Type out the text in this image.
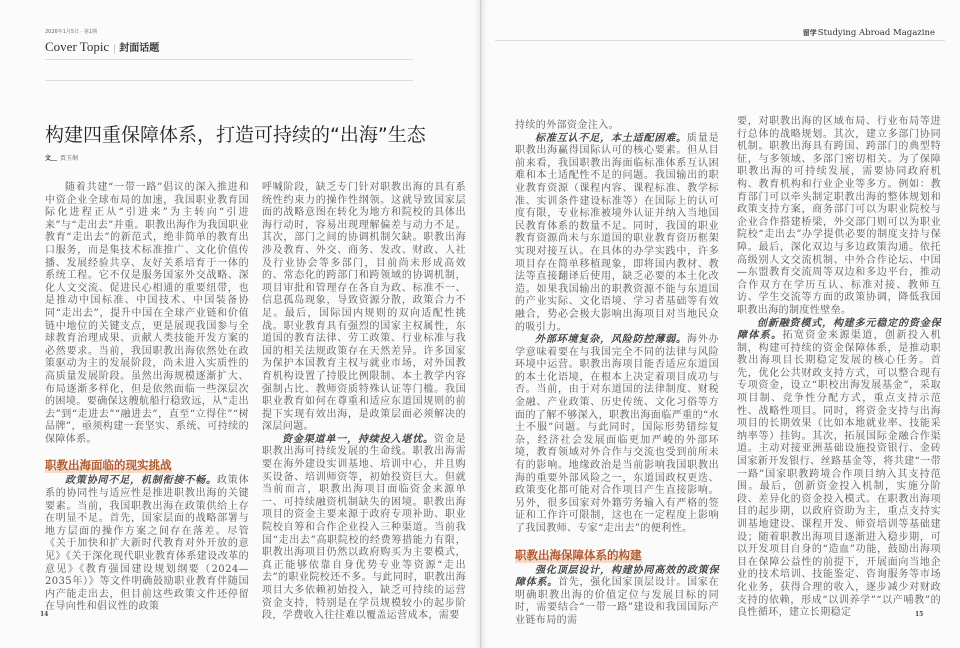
2026年1月5日 · 第1期
Cover Topic | 封面话题
构建四重保障体系，打造可持续的“出海”生态
文＿ 贾玉炯

随着共建“一带一路”倡议的深入推进和中资企业全球布局的加速，我国职业教育国际化进程正从“引进来”为主转向“引进来”与“走出去”并重。职教出海作为我国职业教育“走出去”的新范式，绝非简单的教育出口服务，而是集技术标准推广、文化价值传播、发展经验共享、友好关系培育于一体的系统工程。它不仅是服务国家外交战略、深化人文交流、促进民心相通的重要纽带，也是推动中国标准、中国技术、中国装备协同“走出去”，提升中国在全球产业链和价值链中地位的关键支点，更是展现我国参与全球教育治理成果、贡献人类技能开发方案的必然要求。当前，我国职教出海依然处在政策驱动为主的发展阶段，尚未进入实质性的高质量发展阶段。虽然出海规模逐渐扩大、布局逐渐多样化，但是依然面临一些深层次的困境。要确保这艘航船行稳致远，从“走出去”到“走进去”“融进去”，直至“立得住”“树品牌”，亟须构建一套坚实、系统、可持续的保障体系。

职教出海面临的现实挑战

政策协同不足，机制衔接不畅。政策体系的协同性与适应性是推进职教出海的关键要素。当前，我国职教出海在政策供给上存在明显不足。首先，国家层面的战略部署与地方层面的操作方案之间存在落差。尽管《关于加快和扩大新时代教育对外开放的意见》《关于深化现代职业教育体系建设改革的意见》《教育强国建设规划纲要（2024—2035年）》等文件明确鼓励职业教育伴随国内产能走出去，但目前这些政策文件还停留在导向性和倡议性的政策

呼喊阶段，缺乏专门针对职教出海的具有系统性约束力的操作性纲领。这就导致国家层面的战略意图在转化为地方和院校的具体出海行动时，容易出现理解偏差与动力不足。其次，部门之间的协调机制欠缺。职教出海涉及教育、外交、商务、发改、财政、人社及行业协会等多部门，目前尚未形成高效的、常态化的跨部门和跨领域的协调机制，项目审批和管理存在各自为政、标准不一、信息孤岛现象，导致资源分散，政策合力不足。最后，国际国内规则的双向适配性挑战。职业教育具有强烈的国家主权属性，东道国的教育法律、劳工政策、行业标准与我国的相关法规政策存在天然差异。许多国家为保护本国教育主权与就业市场，对外国教育机构设置了持股比例限制、本土教学内容强制占比、教师资质特殊认证等门槛。我国职业教育如何在尊重和适应东道国规则的前提下实现有效出海，是政策层面必须解决的深层问题。

资金渠道单一，持续投入堪忧。资金是职教出海可持续发展的生命线。职教出海需要在海外建设实训基地、培训中心，并且购买设备、培训师资等，初始投资巨大。但就当前而言，职教出海项目面临资金来源单一、可持续融资机制缺失的困境。职教出海项目的资金主要来源于政府专项补助、职业院校自筹和合作企业投入三种渠道。当前我国“走出去”高职院校的经费筹措能力有限，职教出海项目仍然以政府购买为主要模式，真正能够依靠自身优势专业等资源“走出去”的职业院校还不多。与此同时，职教出海项目大多依赖初始投入，缺乏可持续的运营资金支持，特别是在学员规模较小的起步阶段，学费收入往往难以覆盖运营成本，需要

14
留学Studying Abroad Magazine

持续的外部资金注入。

标准互认不足，本土适配困难。质量是职教出海赢得国际认可的核心要素。但从目前来看，我国职教出海面临标准体系互认困难和本土适配性不足的问题。我国输出的职业教育资源（课程内容、课程标准、教学标准、实训条件建设标准等）在国际上的认可度有限，专业标准被境外认证并纳入当地国民教育体系的数量不足。同时，我国的职业教育资源尚未与东道国的职业教育资历框架实现对接互认。在具体的办学实践中，许多项目存在简单移植现象，即将国内教材、教法等直接翻译后使用，缺乏必要的本土化改造。如果我国输出的职教资源不能与东道国的产业实际、文化语境、学习者基础等有效融合，势必会极大影响出海项目对当地民众的吸引力。

外部环境复杂，风险防控薄弱。海外办学意味着要在与我国完全不同的法律与风险环境中运营。职教出海项目能否适应东道国的本土化语境，在根本上决定着项目成功与否。当前，由于对东道国的法律制度、财税金融、产业政策、历史传统、文化习俗等方面的了解不够深入，职教出海面临严重的“水土不服”问题。与此同时，国际形势错综复杂，经济社会发展面临更加严峻的外部环境，教育领域对外合作与交流也受到前所未有的影响。地缘政治是当前影响我国职教出海的重要外部风险之一，东道国政权更迭、政策变化都可能对合作项目产生直接影响。另外，很多国家对外籍劳务输入有严格的签证和工作许可限制，这也在一定程度上影响了我国教师、专家“走出去”的便利性。

职教出海保障体系的构建

强化顶层设计，构建协同高效的政策保障体系。首先，强化国家顶层设计。国家在明确职教出海的价值定位与发展目标的同时，需要结合“一带一路”建设和我国国际产业链布局的需

要，对职教出海的区域布局、行业布局等进行总体的战略规划。其次，建立多部门协同机制。职教出海具有跨国、跨部门的典型特征，与多领域、多部门密切相关。为了保障职教出海的可持续发展，需要协同政府机构、教育机构和行业企业等多方。例如：教育部门可以牵头制定职教出海的整体规划和政策支持方案，商务部门可以为职业院校与企业合作搭建桥梁，外交部门则可以为职业院校“走出去”办学提供必要的制度支持与保障。最后，深化双边与多边政策沟通。依托高级别人文交流机制、中外合作论坛、中国—东盟教育交流周等双边和多边平台，推动合作双方在学历互认、标准对接、教师互访、学生交流等方面的政策协调，降低我国职教出海的制度性壁垒。

创新融资模式，构建多元稳定的资金保障体系。拓宽资金来源渠道，创新投入机制，构建可持续的资金保障体系，是推动职教出海项目长期稳定发展的核心任务。首先，优化公共财政支持方式，可以整合现有专项资金，设立“职校出海发展基金”，采取项目制、竞争性分配方式，重点支持示范性、战略性项目。同时，将资金支持与出海项目的长期效果（比如本地就业率、技能采纳率等）挂钩。其次，拓展国际金融合作渠道。主动对接亚洲基础设施投资银行、金砖国家新开发银行、丝路基金等，将共建“一带一路”国家职教跨境合作项目纳入其支持范围。最后，创新资金投入机制，实施分阶段、差异化的资金投入模式。在职教出海项目的起步期，以政府资助为主，重点支持实训基地建设、课程开发、师资培训等基础建设；随着职教出海项目逐渐进入稳步期，可以开发项目自身的“造血”功能，鼓励出海项目在保障公益性的前提下，开展面向当地企业的技术培训、技能鉴定、咨询服务等市场化业务，获得合理的收入，逐步减少对财政支持的依赖，形成“以训养学”“以产哺教”的良性循环，建立长期稳定	15
